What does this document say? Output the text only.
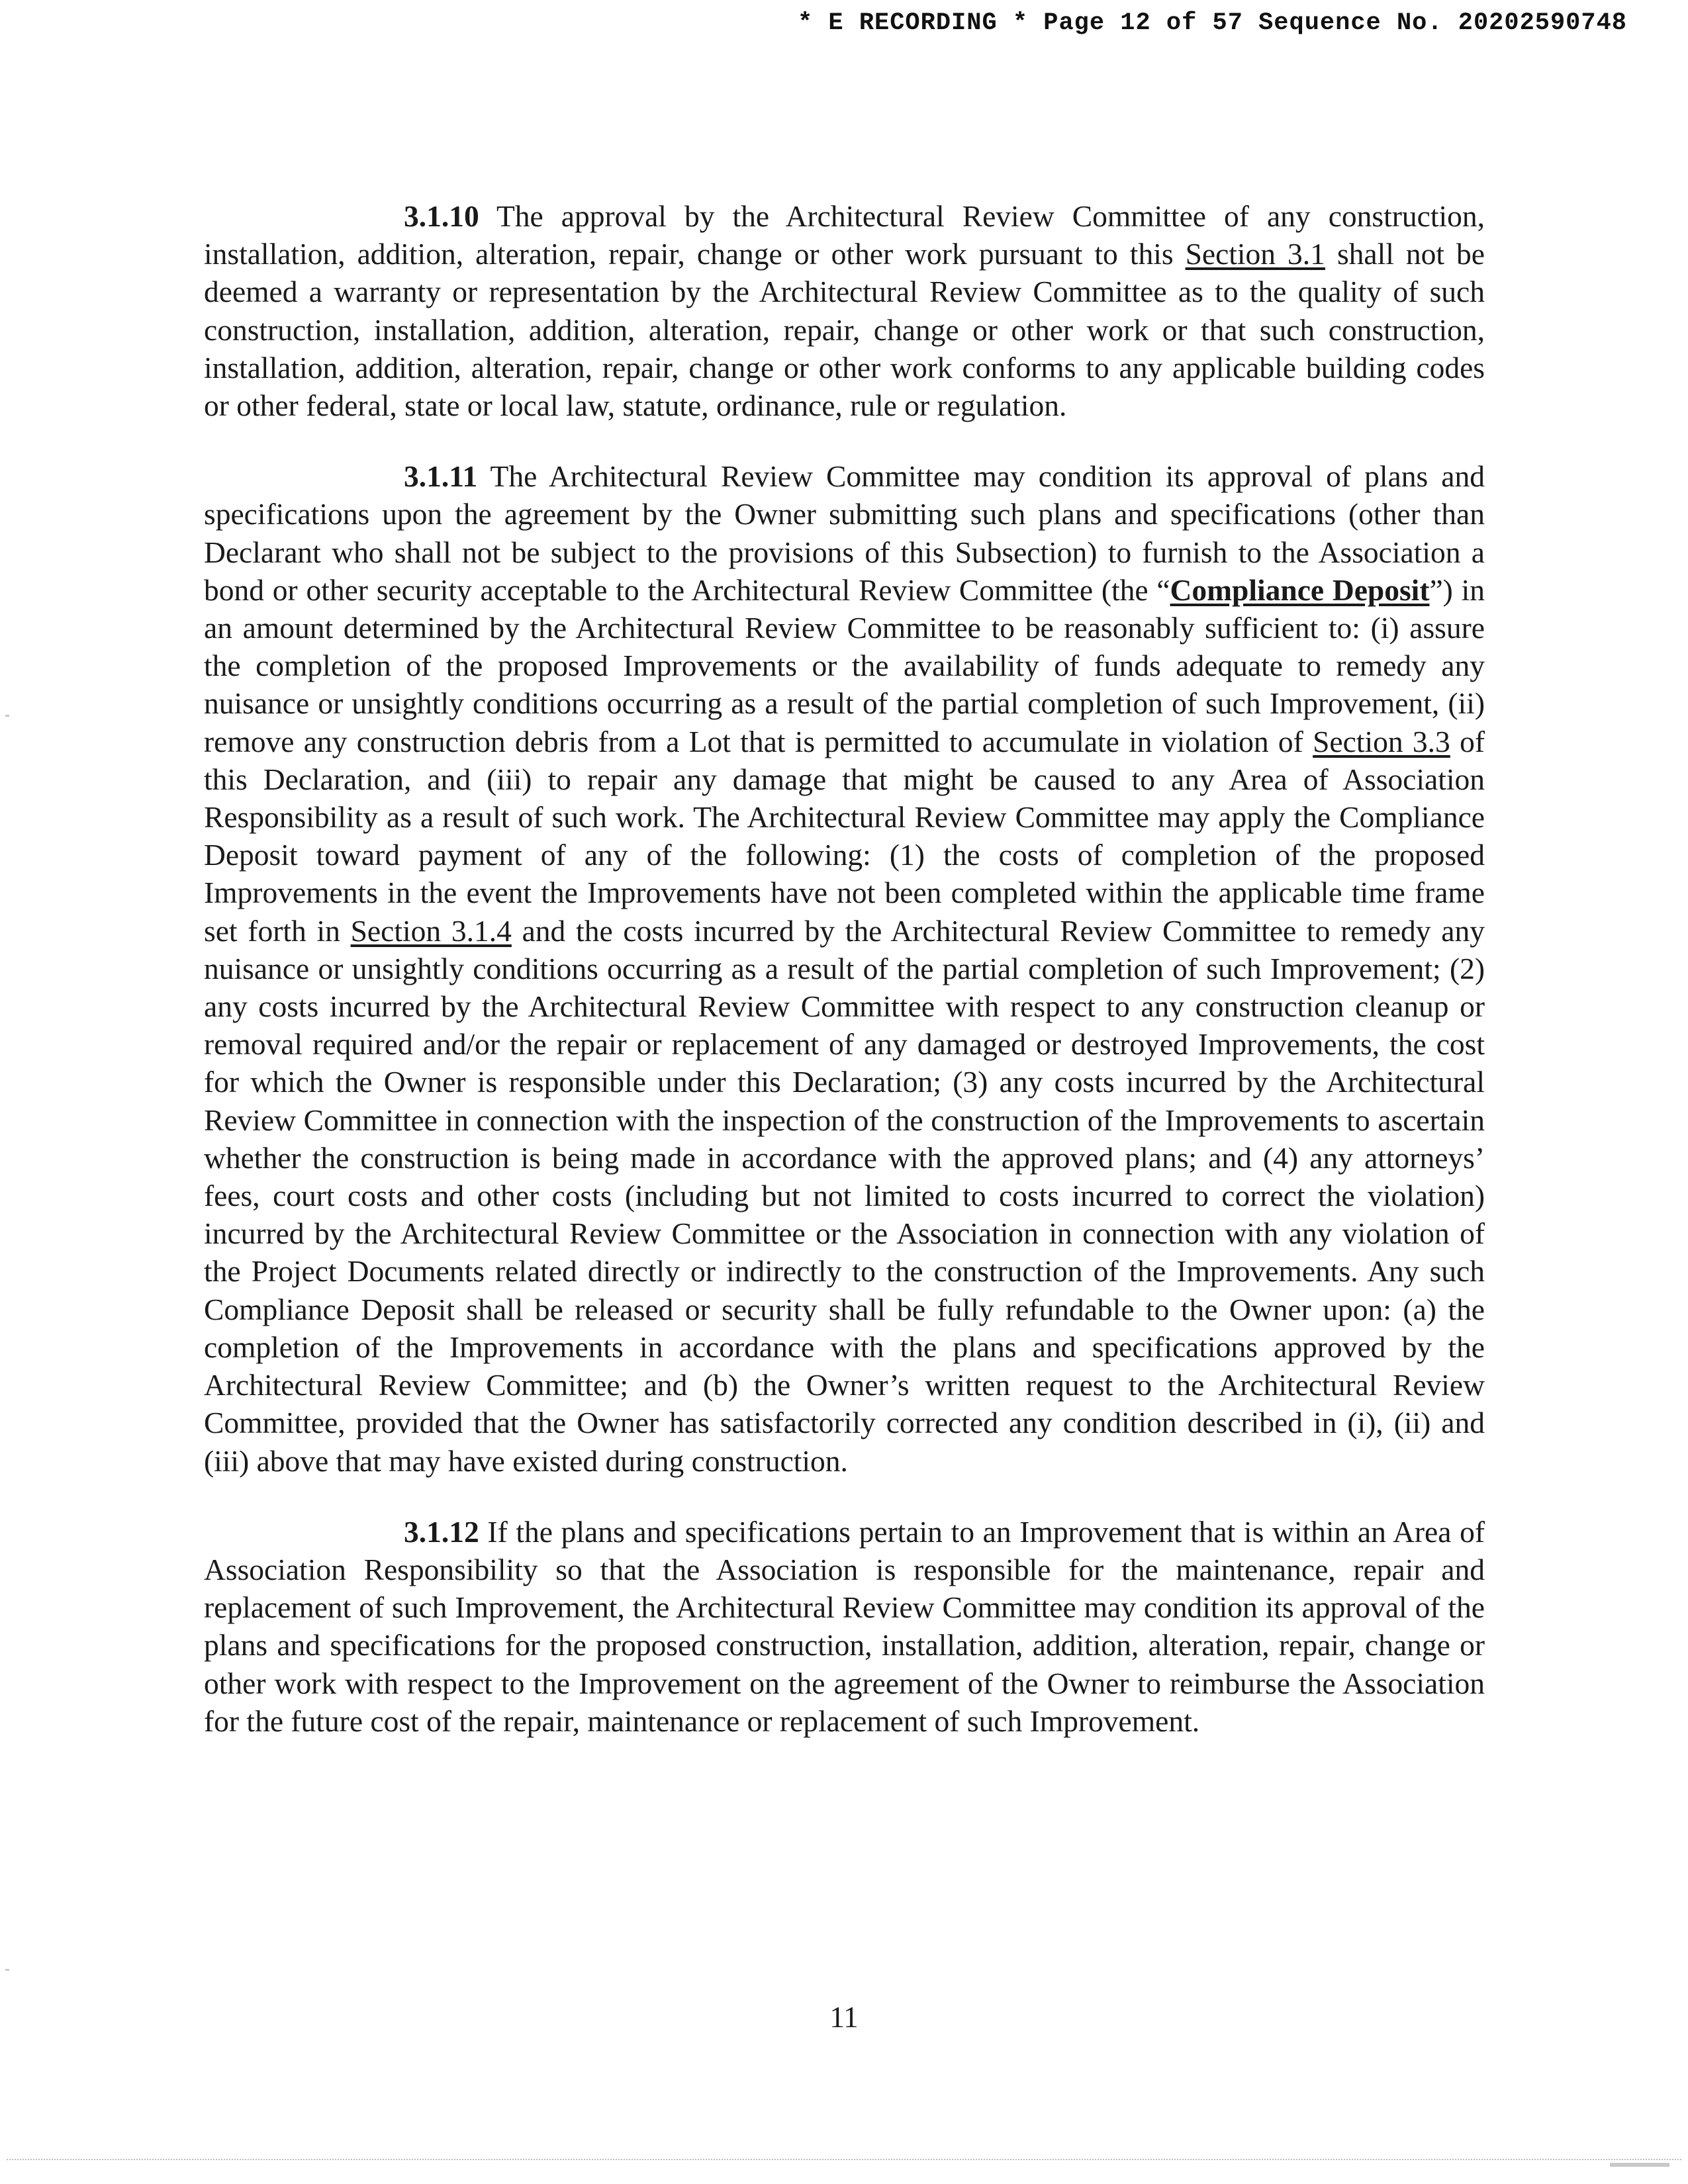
* E RECORDING * Page 12 of 57 Sequence No. 20202590748

3.1.10 The approval by the Architectural Review Committee of any construction, installation, addition, alteration, repair, change or other work pursuant to this Section 3.1 shall not be deemed a warranty or representation by the Architectural Review Committee as to the quality of such construction, installation, addition, alteration, repair, change or other work or that such construction, installation, addition, alteration, repair, change or other work conforms to any applicable building codes or other federal, state or local law, statute, ordinance, rule or regulation.

3.1.11 The Architectural Review Committee may condition its approval of plans and specifications upon the agreement by the Owner submitting such plans and specifications (other than Declarant who shall not be subject to the provisions of this Subsection) to furnish to the Association a bond or other security acceptable to the Architectural Review Committee (the “Compliance Deposit”) in an amount determined by the Architectural Review Committee to be reasonably sufficient to: (i) assure the completion of the proposed Improvements or the availability of funds adequate to remedy any nuisance or unsightly conditions occurring as a result of the partial completion of such Improvement, (ii) remove any construction debris from a Lot that is permitted to accumulate in violation of Section 3.3 of this Declaration, and (iii) to repair any damage that might be caused to any Area of Association Responsibility as a result of such work. The Architectural Review Committee may apply the Compliance Deposit toward payment of any of the following: (1) the costs of completion of the proposed Improvements in the event the Improvements have not been completed within the applicable time frame set forth in Section 3.1.4 and the costs incurred by the Architectural Review Committee to remedy any nuisance or unsightly conditions occurring as a result of the partial completion of such Improvement; (2) any costs incurred by the Architectural Review Committee with respect to any construction cleanup or removal required and/or the repair or replacement of any damaged or destroyed Improvements, the cost for which the Owner is responsible under this Declaration; (3) any costs incurred by the Architectural Review Committee in connection with the inspection of the construction of the Improvements to ascertain whether the construction is being made in accordance with the approved plans; and (4) any attorneys’ fees, court costs and other costs (including but not limited to costs incurred to correct the violation) incurred by the Architectural Review Committee or the Association in connection with any violation of the Project Documents related directly or indirectly to the construction of the Improvements. Any such Compliance Deposit shall be released or security shall be fully refundable to the Owner upon: (a) the completion of the Improvements in accordance with the plans and specifications approved by the Architectural Review Committee; and (b) the Owner’s written request to the Architectural Review Committee, provided that the Owner has satisfactorily corrected any condition described in (i), (ii) and (iii) above that may have existed during construction.

3.1.12 If the plans and specifications pertain to an Improvement that is within an Area of Association Responsibility so that the Association is responsible for the maintenance, repair and replacement of such Improvement, the Architectural Review Committee may condition its approval of the plans and specifications for the proposed construction, installation, addition, alteration, repair, change or other work with respect to the Improvement on the agreement of the Owner to reimburse the Association for the future cost of the repair, maintenance or replacement of such Improvement.

11
